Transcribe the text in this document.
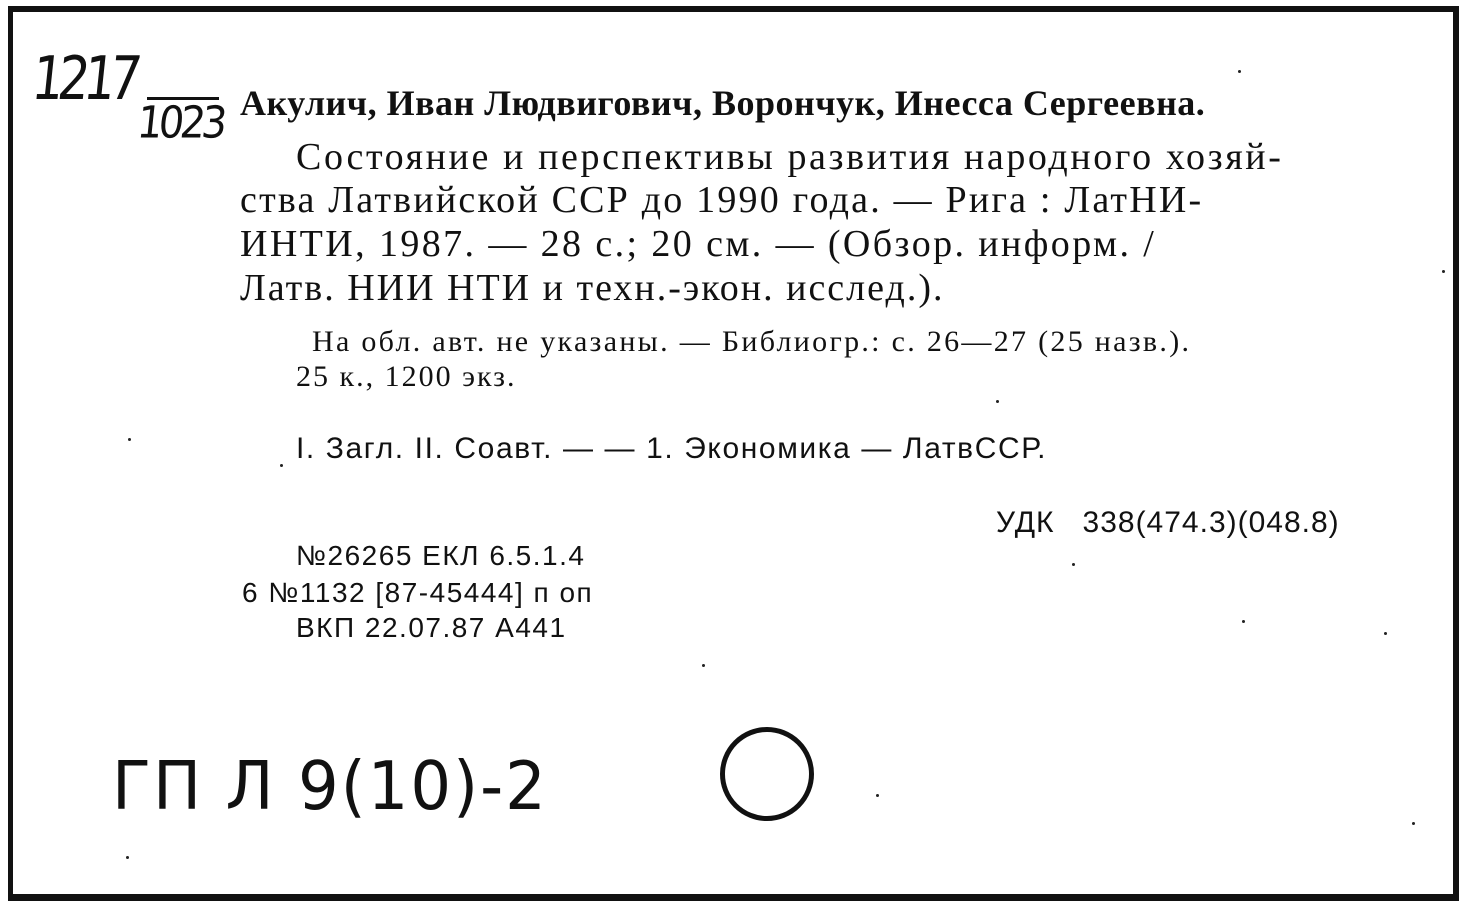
1217
1023 Акулич, Иван Людвигович, Ворончук, Инесса Сергеевна.
Состояние и перспективы развития народного хозяй-
ства Латвийской ССР до 1990 года. — Рига : ЛатНИ-
ИНТИ, 1987. — 28 с.; 20 см. — (Обзор. информ. /
Латв. НИИ НТИ и техн.-экон. исслед.).
На обл. авт. не указаны. — Библиогр.: с. 26—27 (25 назв.).
25 к., 1200 экз.
I. Загл. II. Соавт. — — 1. Экономика — ЛатвССР.
УДК 338(474.3)(048.8)
№26265 ЕКЛ 6.5.1.4
6 №1132 [87-45444] п оп
ВКП 22.07.87 А441
ГП Л 9(10)-2
